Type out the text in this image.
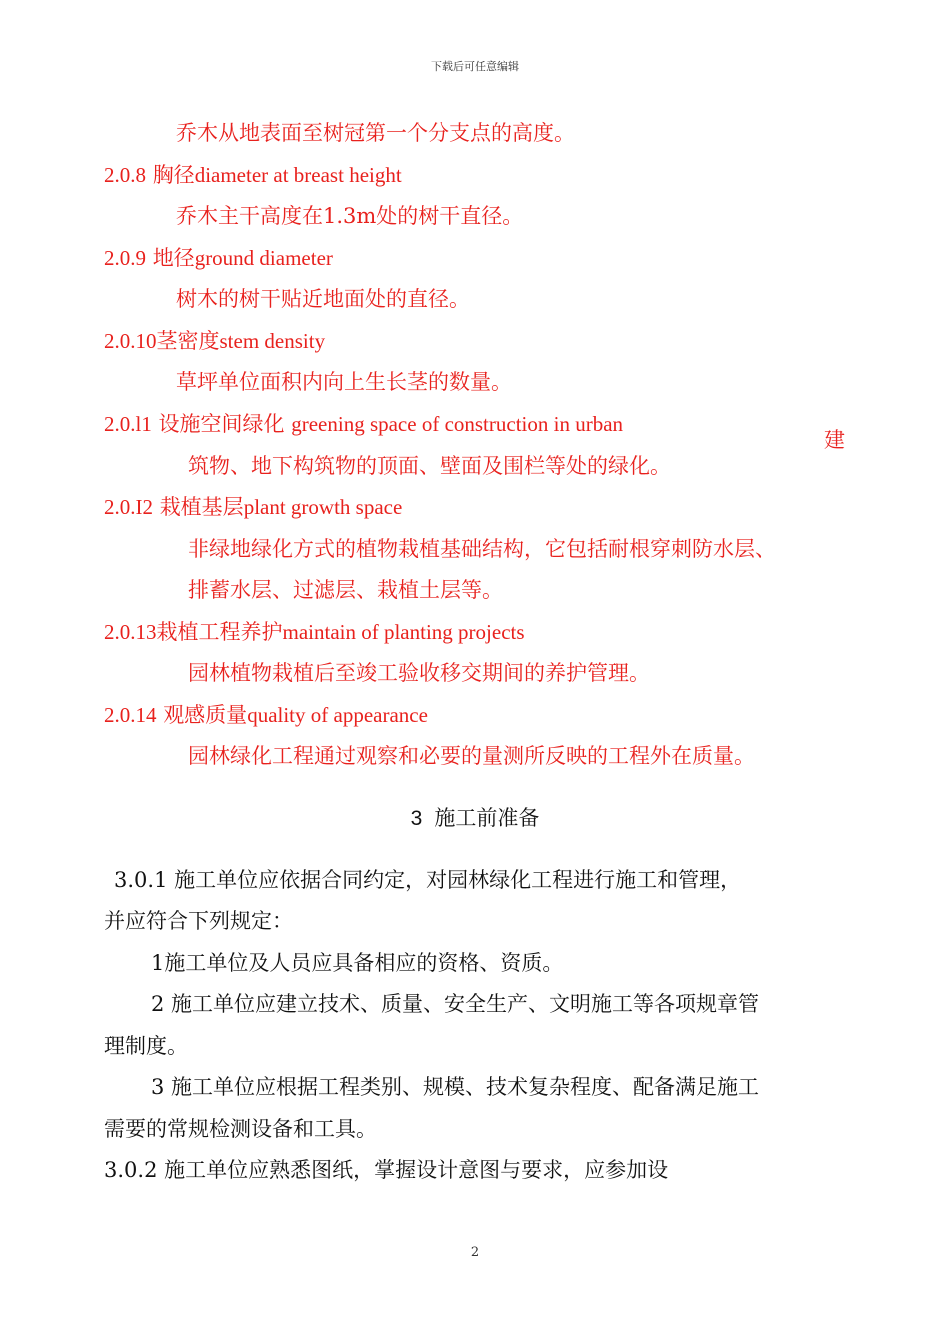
下载后可任意编辑
乔木从地表面至树冠第一个分支点的高度。
2.0.8 胸径diameter at breast height
乔木主干高度在1.3m处的树干直径。
2.0.9 地径ground diameter
树木的树干贴近地面处的直径。
2.0.10茎密度stem density
草坪单位面积内向上生长茎的数量。
2.0.l1 设施空间绿化 greening space of construction in urban
建
筑物、地下构筑物的顶面、壁面及围栏等处的绿化。
2.0.I2 栽植基层plant growth space
非绿地绿化方式的植物栽植基础结构，它包括耐根穿刺防水层、
排蓄水层、过滤层、栽植土层等。
2.0.13栽植工程养护maintain of planting projects
园林植物栽植后至竣工验收移交期间的养护管理。
2.0.14 观感质量quality of appearance
园林绿化工程通过观察和必要的量测所反映的工程外在质量。
3 施工前准备
3.0.1 施工单位应依据合同约定，对园林绿化工程进行施工和管理，
并应符合下列规定：
1施工单位及人员应具备相应的资格、资质。
2 施工单位应建立技术、质量、安全生产、文明施工等各项规章管
理制度。
3 施工单位应根据工程类别、规模、技术复杂程度、配备满足施工
需要的常规检测设备和工具。
3.0.2 施工单位应熟悉图纸，掌握设计意图与要求，应参加设
2
